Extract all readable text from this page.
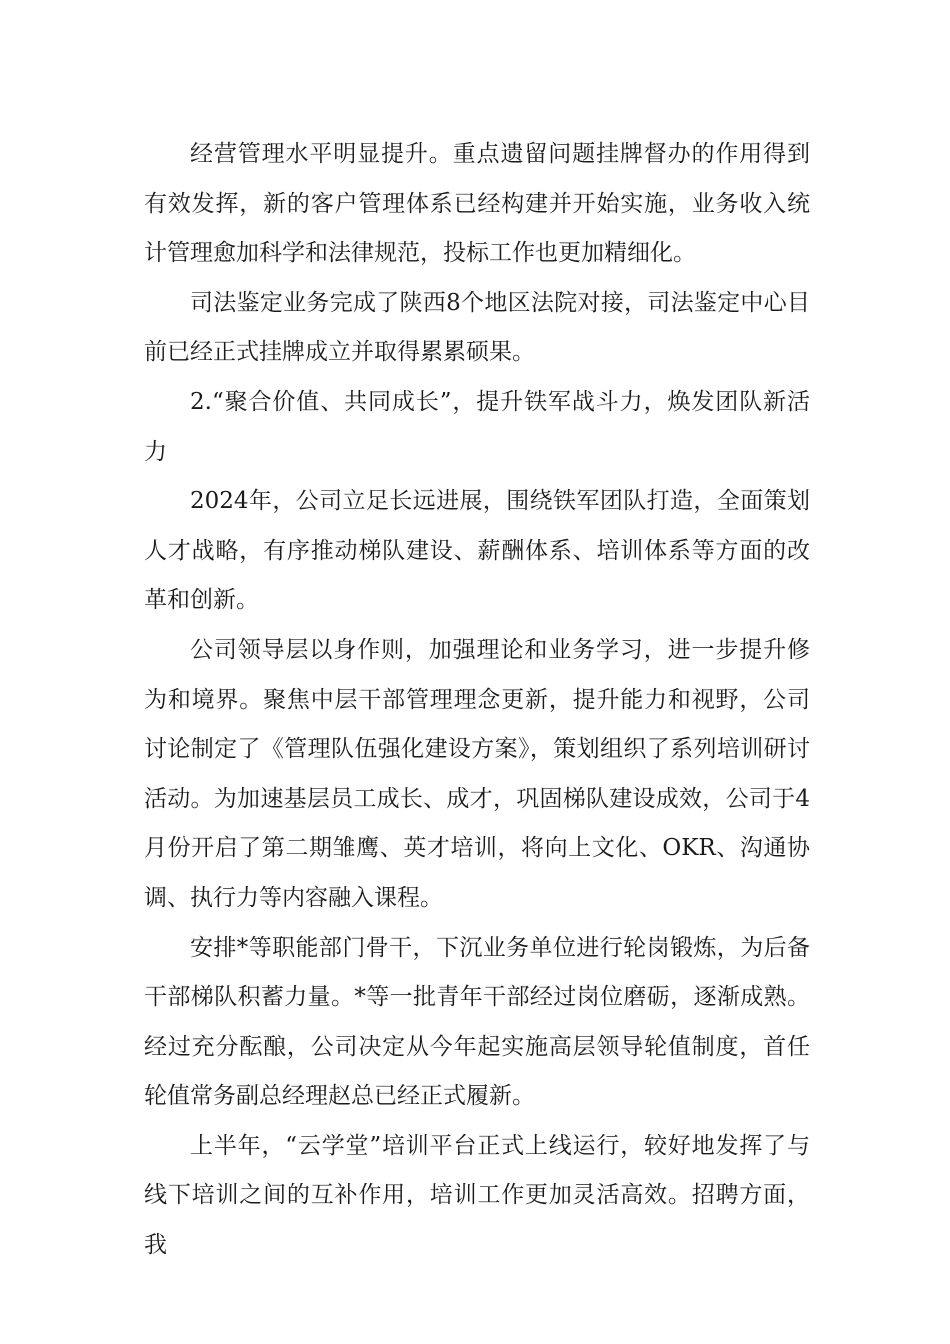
经营管理水平明显提升。重点遗留问题挂牌督办的作用得到有效发挥，新的客户管理体系已经构建并开始实施，业务收入统计管理愈加科学和法律规范，投标工作也更加精细化。

司法鉴定业务完成了陕西8个地区法院对接，司法鉴定中心目前已经正式挂牌成立并取得累累硕果。

2.“聚合价值、共同成长”，提升铁军战斗力，焕发团队新活力

2024年，公司立足长远进展，围绕铁军团队打造，全面策划人才战略，有序推动梯队建设、薪酬体系、培训体系等方面的改革和创新。

公司领导层以身作则，加强理论和业务学习，进一步提升修为和境界。聚焦中层干部管理理念更新，提升能力和视野，公司讨论制定了《管理队伍强化建设方案》，策划组织了系列培训研讨活动。为加速基层员工成长、成才，巩固梯队建设成效，公司于4月份开启了第二期雏鹰、英才培训，将向上文化、OKR、沟通协调、执行力等内容融入课程。

安排*等职能部门骨干，下沉业务单位进行轮岗锻炼，为后备干部梯队积蓄力量。*等一批青年干部经过岗位磨砺，逐渐成熟。经过充分酝酿，公司决定从今年起实施高层领导轮值制度，首任轮值常务副总经理赵总已经正式履新。

上半年，“云学堂”培训平台正式上线运行，较好地发挥了与线下培训之间的互补作用，培训工作更加灵活高效。招聘方面，我
